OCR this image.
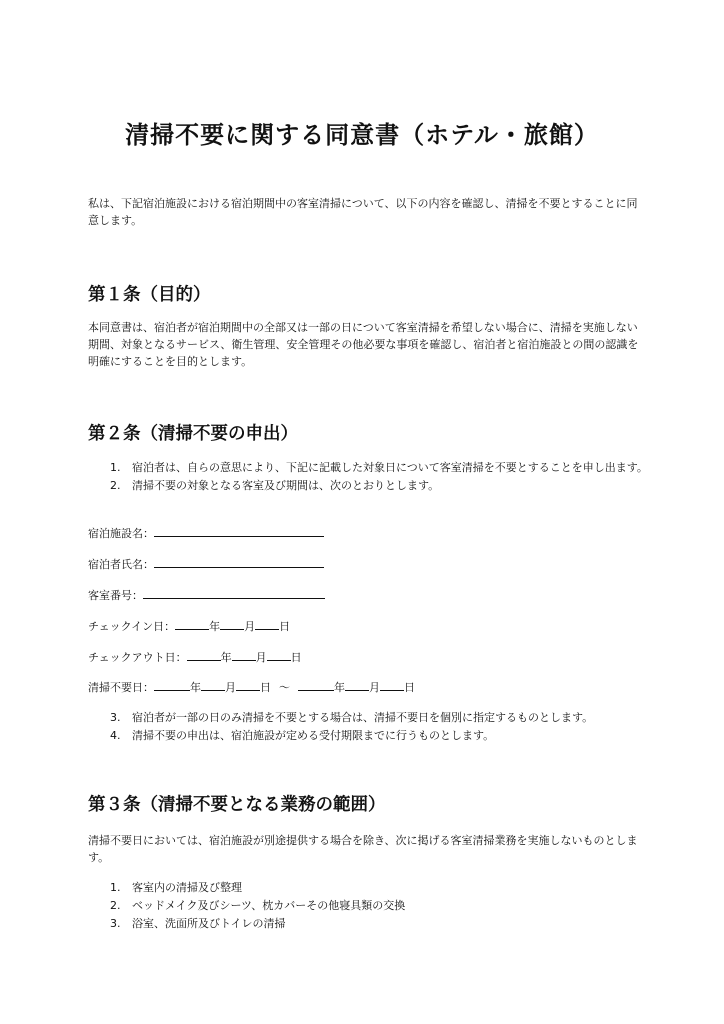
清掃不要に関する同意書（ホテル・旅館）

私は、下記宿泊施設における宿泊期間中の客室清掃について、以下の内容を確認し、清掃を不要とすることに同意します。

第１条（目的）

本同意書は、宿泊者が宿泊期間中の全部又は一部の日について客室清掃を希望しない場合に、清掃を実施しない期間、対象となるサービス、衛生管理、安全管理その他必要な事項を確認し、宿泊者と宿泊施設との間の認識を明確にすることを目的とします。

第２条（清掃不要の申出）
1. 宿泊者は、自らの意思により、下記に記載した対象日について客室清掃を不要とすることを申し出ます。
2. 清掃不要の対象となる客室及び期間は、次のとおりとします。
宿泊施設名：
宿泊者氏名：
客室番号：
チェックイン日：	年 月 日
チェックアウト日：	年 月 日
清掃不要日：	年 月 日 ～	年 月 日
3. 宿泊者が一部の日のみ清掃を不要とする場合は、清掃不要日を個別に指定するものとします。
4. 清掃不要の申出は、宿泊施設が定める受付期限までに行うものとします。
第３条（清掃不要となる業務の範囲）

清掃不要日においては、宿泊施設が別途提供する場合を除き、次に掲げる客室清掃業務を実施しないものとします。

1. 客室内の清掃及び整理
2. ベッドメイク及びシーツ、枕カバーその他寝具類の交換
3. 浴室、洗面所及びトイレの清掃
